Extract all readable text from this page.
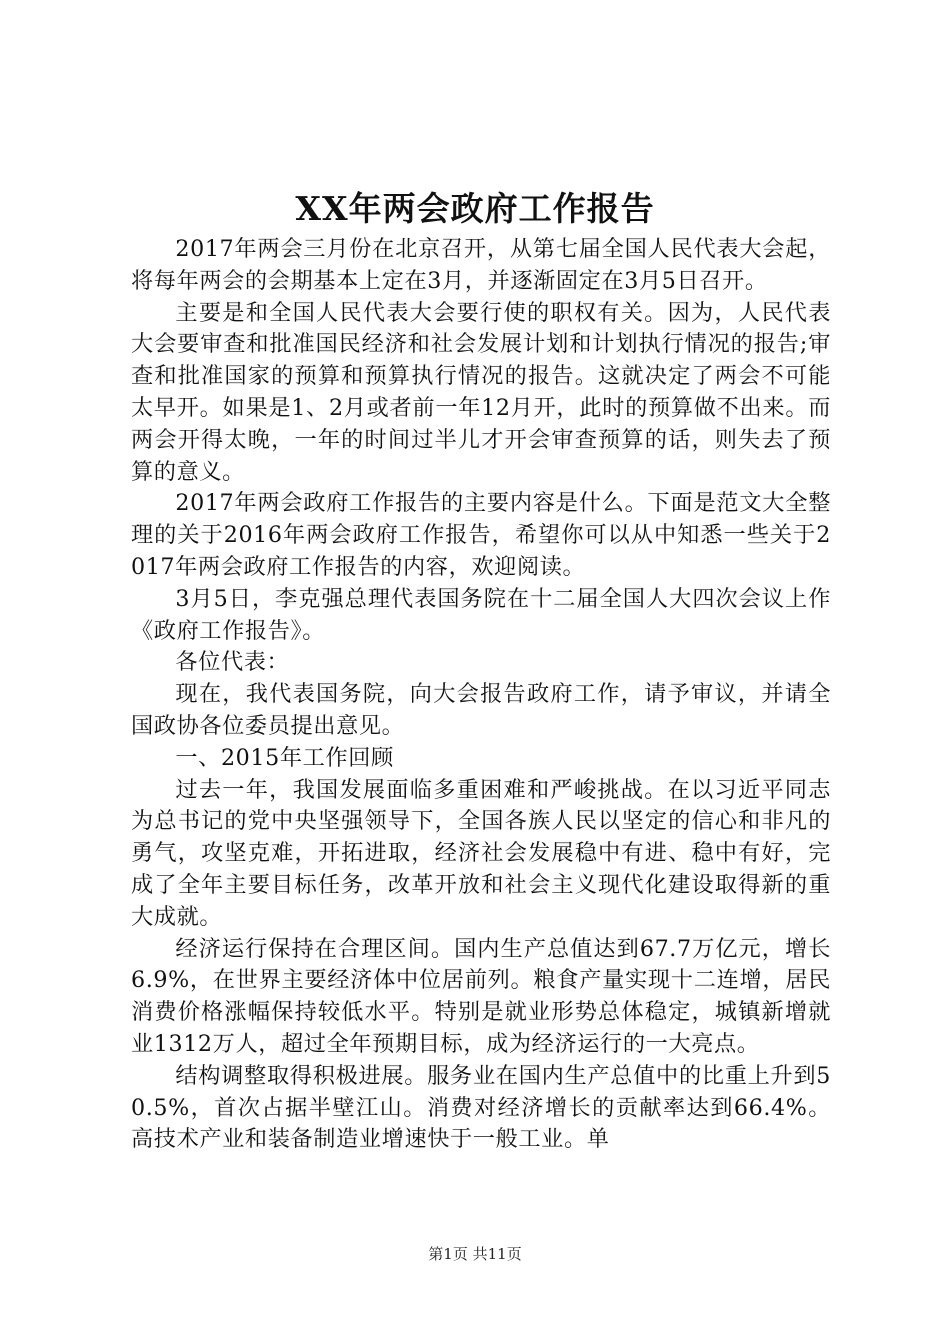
XX年两会政府工作报告

2017年两会三月份在北京召开，从第七届全国人民代表大会起，将每年两会的会期基本上定在3月，并逐渐固定在3月5日召开。

主要是和全国人民代表大会要行使的职权有关。因为，人民代表大会要审查和批准国民经济和社会发展计划和计划执行情况的报告;审查和批准国家的预算和预算执行情况的报告。这就决定了两会不可能太早开。如果是1、2月或者前一年12月开，此时的预算做不出来。而两会开得太晚，一年的时间过半儿才开会审查预算的话，则失去了预算的意义。

2017年两会政府工作报告的主要内容是什么。下面是范文大全整理的关于2016年两会政府工作报告，希望你可以从中知悉一些关于2017年两会政府工作报告的内容，欢迎阅读。

3月5日，李克强总理代表国务院在十二届全国人大四次会议上作《政府工作报告》。

各位代表：

现在，我代表国务院，向大会报告政府工作，请予审议，并请全国政协各位委员提出意见。

一、2015年工作回顾

过去一年，我国发展面临多重困难和严峻挑战。在以习近平同志为总书记的党中央坚强领导下，全国各族人民以坚定的信心和非凡的勇气，攻坚克难，开拓进取，经济社会发展稳中有进、稳中有好，完成了全年主要目标任务，改革开放和社会主义现代化建设取得新的重大成就。

经济运行保持在合理区间。国内生产总值达到67.7万亿元，增长6.9%，在世界主要经济体中位居前列。粮食产量实现十二连增，居民消费价格涨幅保持较低水平。特别是就业形势总体稳定，城镇新增就业1312万人，超过全年预期目标，成为经济运行的一大亮点。

结构调整取得积极进展。服务业在国内生产总值中的比重上升到50.5%，首次占据半壁江山。消费对经济增长的贡献率达到66.4%。高技术产业和装备制造业增速快于一般工业。单

第1页 共11页
